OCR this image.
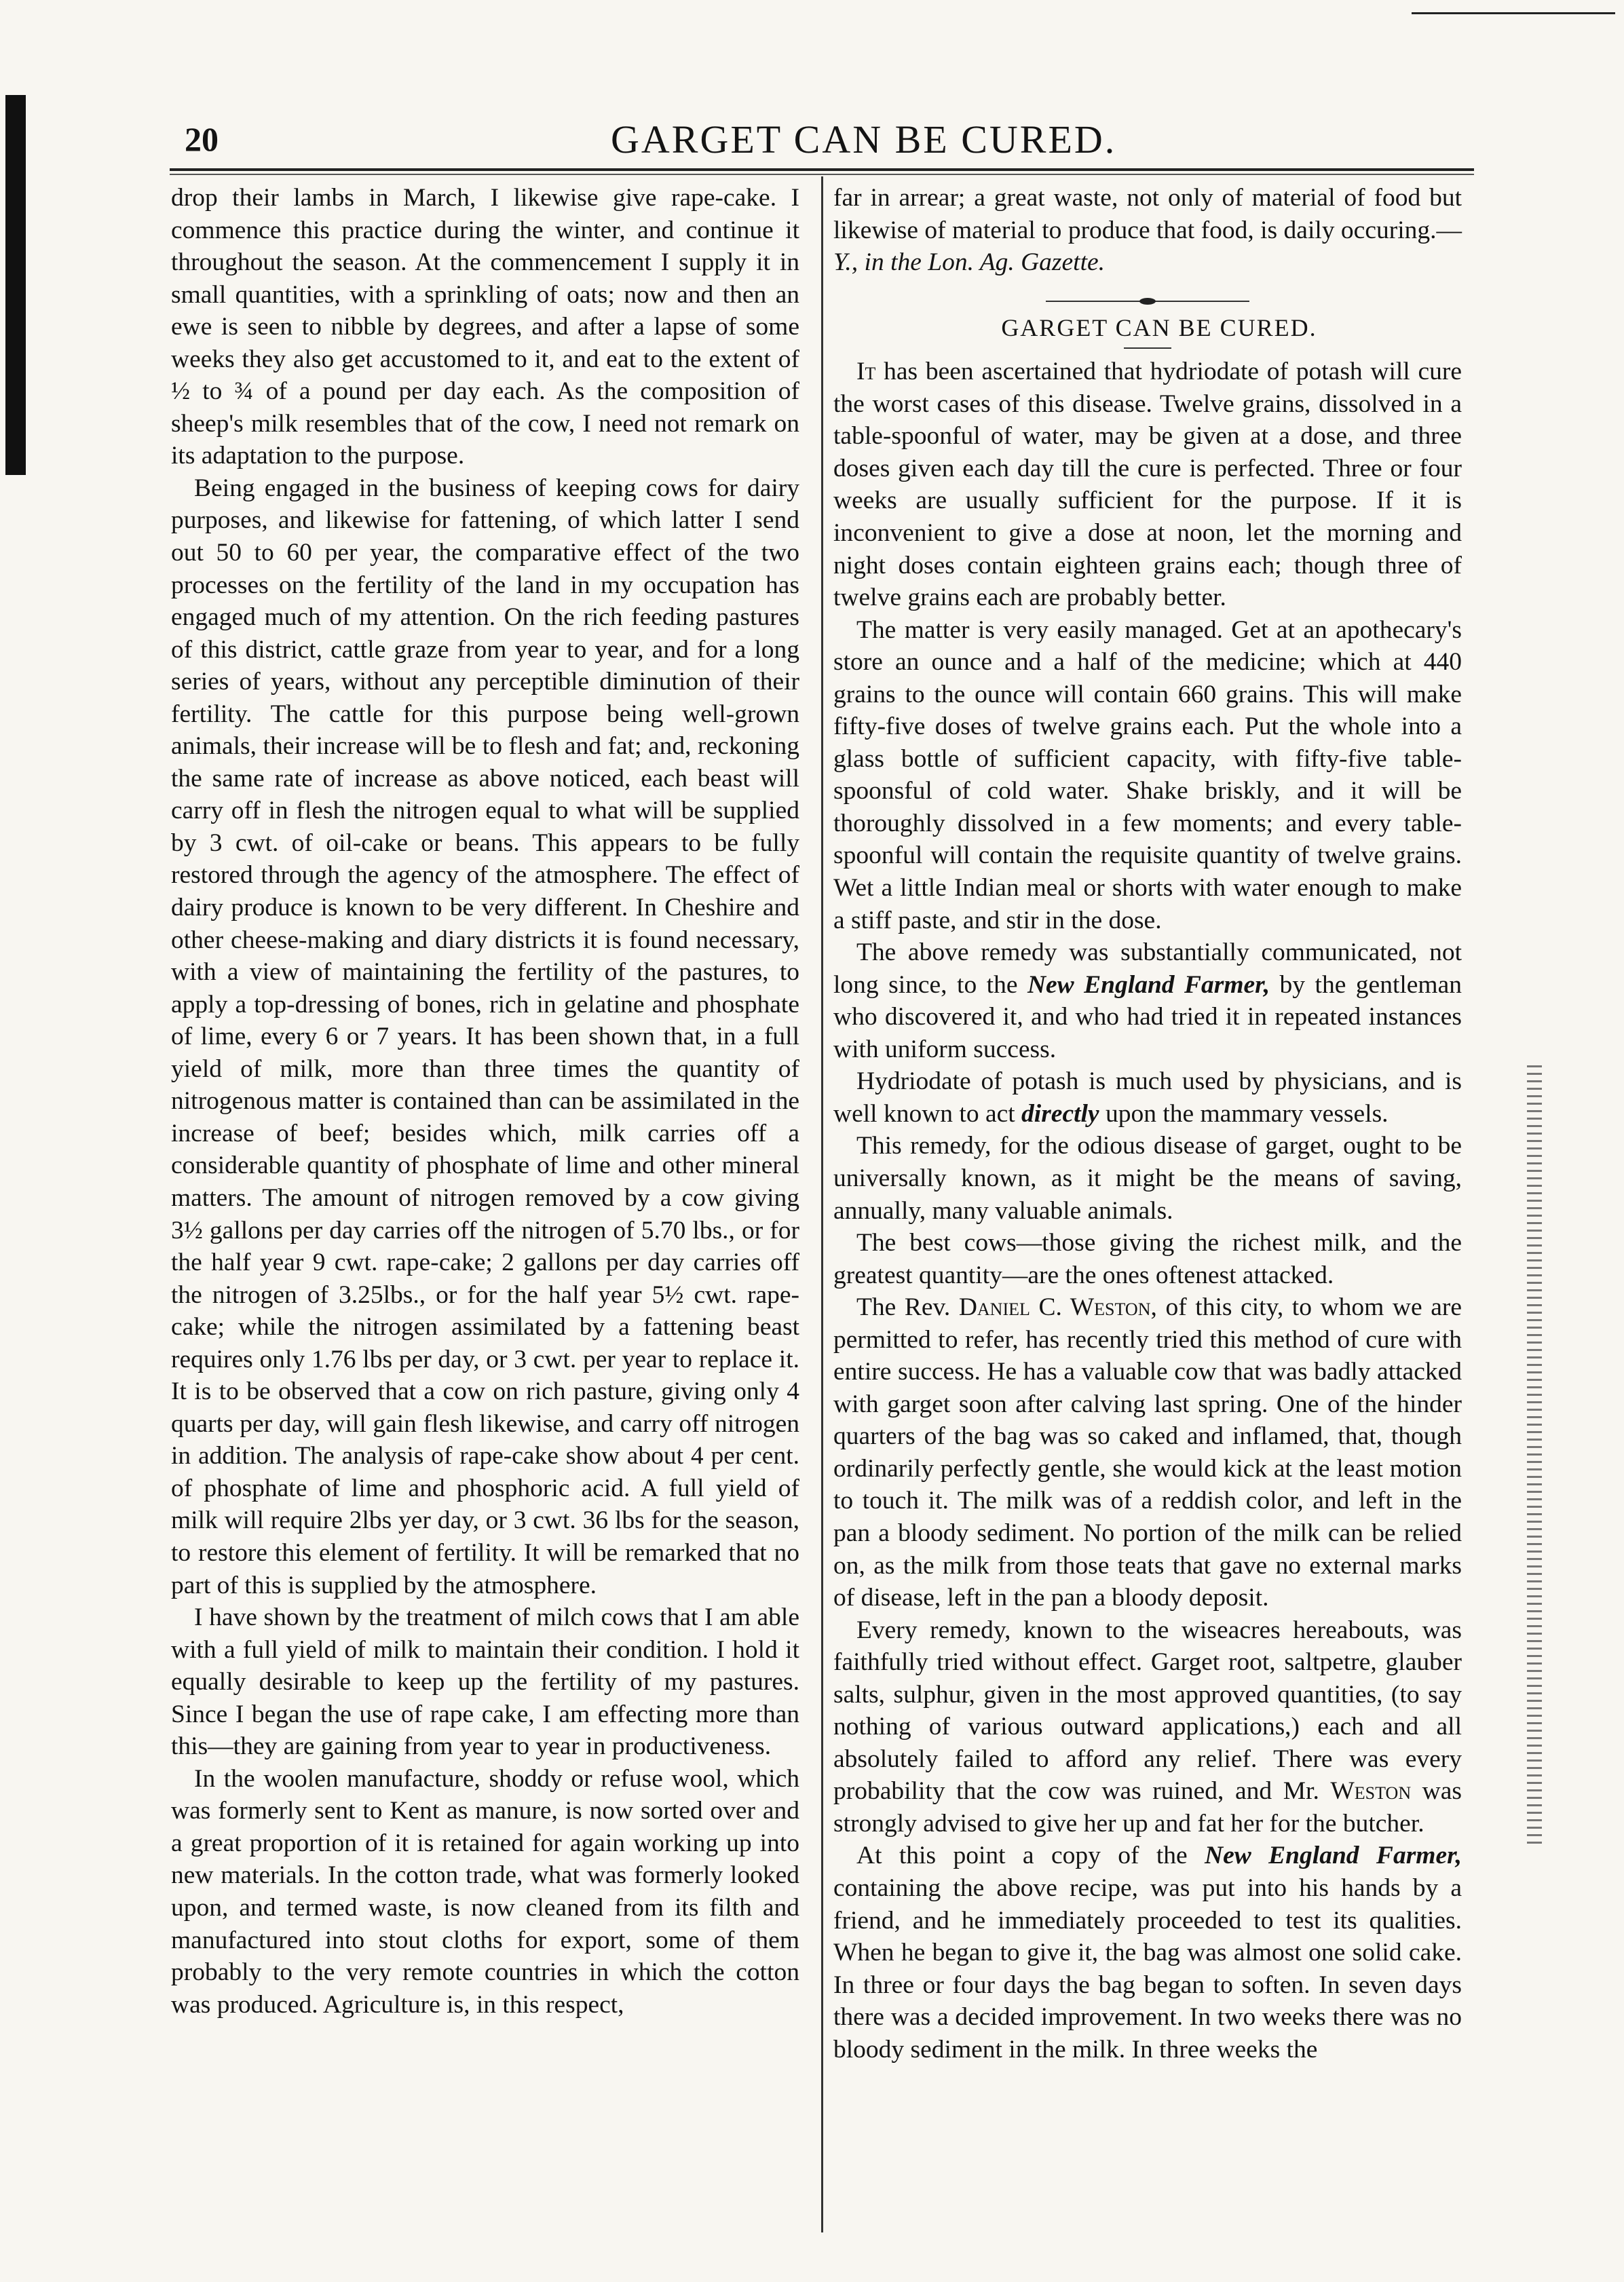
20	GARGET CAN BE CURED.

drop their lambs in March, I likewise give rape-cake. I commence this practice during the winter, and continue it throughout the season. At the commencement I supply it in small quantities, with a sprinkling of oats; now and then an ewe is seen to nibble by degrees, and after a lapse of some weeks they also get accustomed to it, and eat to the extent of ½ to ¾ of a pound per day each. As the composition of sheep's milk resembles that of the cow, I need not remark on its adaptation to the purpose.

Being engaged in the business of keeping cows for dairy purposes, and likewise for fattening, of which latter I send out 50 to 60 per year, the comparative effect of the two processes on the fertility of the land in my occupation has engaged much of my attention. On the rich feeding pastures of this district, cattle graze from year to year, and for a long series of years, without any perceptible diminution of their fertility. The cattle for this purpose being well-grown animals, their increase will be to flesh and fat; and, reckoning the same rate of increase as above noticed, each beast will carry off in flesh the nitrogen equal to what will be supplied by 3 cwt. of oil-cake or beans. This appears to be fully restored through the agency of the atmosphere. The effect of dairy produce is known to be very different. In Cheshire and other cheese-making and diary districts it is found necessary, with a view of maintaining the fertility of the pastures, to apply a top-dressing of bones, rich in gelatine and phosphate of lime, every 6 or 7 years. It has been shown that, in a full yield of milk, more than three times the quantity of nitrogenous matter is contained than can be assimilated in the increase of beef; besides which, milk carries off a considerable quantity of phosphate of lime and other mineral matters. The amount of nitrogen removed by a cow giving 3½ gallons per day carries off the nitrogen of 5.70 lbs., or for the half year 9 cwt. rape-cake; 2 gallons per day carries off the nitrogen of 3.25lbs., or for the half year 5½ cwt. rape-cake; while the nitrogen assimilated by a fattening beast requires only 1.76 lbs per day, or 3 cwt. per year to replace it. It is to be observed that a cow on rich pasture, giving only 4 quarts per day, will gain flesh likewise, and carry off nitrogen in addition. The analysis of rape-cake show about 4 per cent. of phosphate of lime and phosphoric acid. A full yield of milk will require 2lbs yer day, or 3 cwt. 36 lbs for the season, to restore this element of fertility. It will be remarked that no part of this is supplied by the atmosphere.

I have shown by the treatment of milch cows that I am able with a full yield of milk to maintain their condition. I hold it equally desirable to keep up the fertility of my pastures. Since I began the use of rape cake, I am effecting more than this—they are gaining from year to year in productiveness.

In the woolen manufacture, shoddy or refuse wool, which was formerly sent to Kent as manure, is now sorted over and a great proportion of it is retained for again working up into new materials. In the cotton trade, what was formerly looked upon, and termed waste, is now cleaned from its filth and manufactured into stout cloths for export, some of them probably to the very remote countries in which the cotton was produced. Agriculture is, in this respect,

far in arrear; a great waste, not only of material of food but likewise of material to produce that food, is daily occuring.—Y., in the Lon. Ag. Gazette.

GARGET CAN BE CURED.

It has been ascertained that hydriodate of potash will cure the worst cases of this disease. Twelve grains, dissolved in a table-spoonful of water, may be given at a dose, and three doses given each day till the cure is perfected. Three or four weeks are usually sufficient for the purpose. If it is inconvenient to give a dose at noon, let the morning and night doses contain eighteen grains each; though three of twelve grains each are probably better.

The matter is very easily managed. Get at an apothecary's store an ounce and a half of the medicine; which at 440 grains to the ounce will contain 660 grains. This will make fifty-five doses of twelve grains each. Put the whole into a glass bottle of sufficient capacity, with fifty-five table-spoonsful of cold water. Shake briskly, and it will be thoroughly dissolved in a few moments; and every table-spoonful will contain the requisite quantity of twelve grains. Wet a little Indian meal or shorts with water enough to make a stiff paste, and stir in the dose.

The above remedy was substantially communicated, not long since, to the New England Farmer, by the gentleman who discovered it, and who had tried it in repeated instances with uniform success.

Hydriodate of potash is much used by physicians, and is well known to act directly upon the mammary vessels.

This remedy, for the odious disease of garget, ought to be universally known, as it might be the means of saving, annually, many valuable animals.

The best cows—those giving the richest milk, and the greatest quantity—are the ones oftenest attacked.

The Rev. Daniel C. Weston, of this city, to whom we are permitted to refer, has recently tried this method of cure with entire success. He has a valuable cow that was badly attacked with garget soon after calving last spring. One of the hinder quarters of the bag was so caked and inflamed, that, though ordinarily perfectly gentle, she would kick at the least motion to touch it. The milk was of a reddish color, and left in the pan a bloody sediment. No portion of the milk can be relied on, as the milk from those teats that gave no external marks of disease, left in the pan a bloody deposit.

Every remedy, known to the wiseacres hereabouts, was faithfully tried without effect. Garget root, saltpetre, glauber salts, sulphur, given in the most approved quantities, (to say nothing of various outward applications,) each and all absolutely failed to afford any relief. There was every probability that the cow was ruined, and Mr. Weston was strongly advised to give her up and fat her for the butcher.

At this point a copy of the New England Farmer, containing the above recipe, was put into his hands by a friend, and he immediately proceeded to test its qualities. When he began to give it, the bag was almost one solid cake. In three or four days the bag began to soften. In seven days there was a decided improvement. In two weeks there was no bloody sediment in the milk. In three weeks the
